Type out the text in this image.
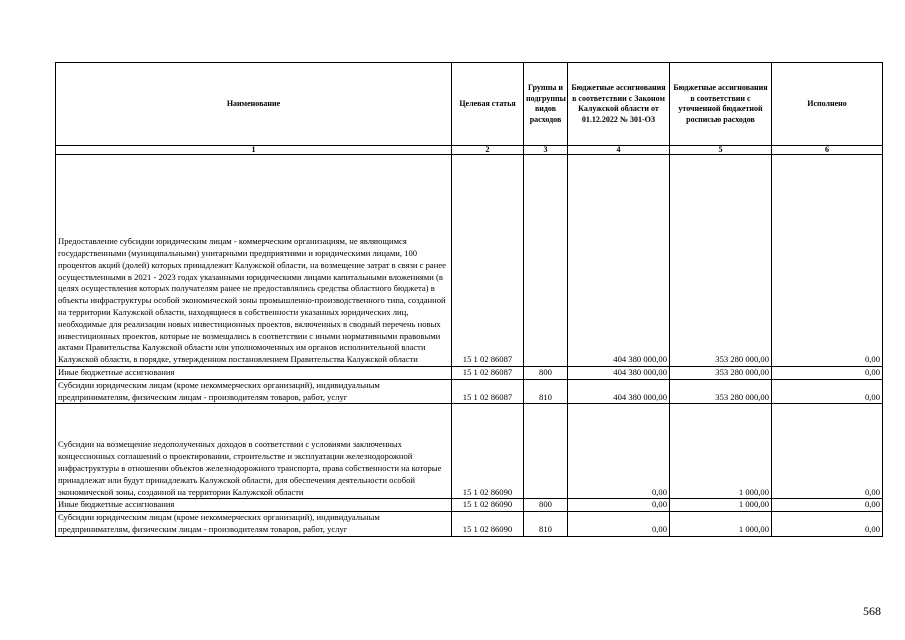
Наименование	Целевая статья	Группы и подгруппы видов расходов	Бюджетные ассигнования в соответствии с Законом Калужской области от 01.12.2022 № 301-ОЗ	Бюджетные ассигнования в соответствии с уточненной бюджетной росписью расходов	Исполнено
1	2	3	4	5	6
Предоставление субсидии юридическим лицам - коммерческим организациям, не являющимся государственными (муниципальными) унитарными предприятиями и юридическими лицами, 100 процентов акций (долей) которых принадлежит Калужской области, на возмещение затрат в связи с ранее осуществленными в 2021 - 2023 годах указанными юридическими лицами капитальными вложениями (в целях осуществления которых получателям ранее не предоставлялись средства областного бюджета) в объекты инфраструктуры особой экономической зоны промышленно-производственного типа, созданной на территории Калужской области, находящиеся в собственности указанных юридических лиц, необходимые для реализации новых инвестиционных проектов, включенных в сводный перечень новых инвестиционных проектов, которые не возмещались в соответствии с иными нормативными правовыми актами Правительства Калужской области или уполномоченных им органов исполнительной власти Калужской области, в порядке, утвержденном постановлением Правительства Калужской области	15 1 02 86087		404 380 000,00	353 280 000,00	0,00
Иные бюджетные ассигнования	15 1 02 86087	800	404 380 000,00	353 280 000,00	0,00
Субсидии юридическим лицам (кроме некоммерческих организаций), индивидуальным предпринимателям, физическим лицам - производителям товаров, работ, услуг	15 1 02 86087	810	404 380 000,00	353 280 000,00	0,00
Субсидии на возмещение недополученных доходов в соответствии с условиями заключенных концессионных соглашений о проектировании, строительстве и эксплуатации железнодорожной инфраструктуры в отношении объектов железнодорожного транспорта, права собственности на которые принадлежат или будут принадлежать Калужской области, для обеспечения деятельности особой экономической зоны, созданной на территории Калужской области	15 1 02 86090		0,00	1 000,00	0,00
Иные бюджетные ассигнования	15 1 02 86090	800	0,00	1 000,00	0,00
Субсидии юридическим лицам (кроме некоммерческих организаций), индивидуальным предпринимателям, физическим лицам - производителям товаров, работ, услуг	15 1 02 86090	810	0,00	1 000,00	0,00
568
